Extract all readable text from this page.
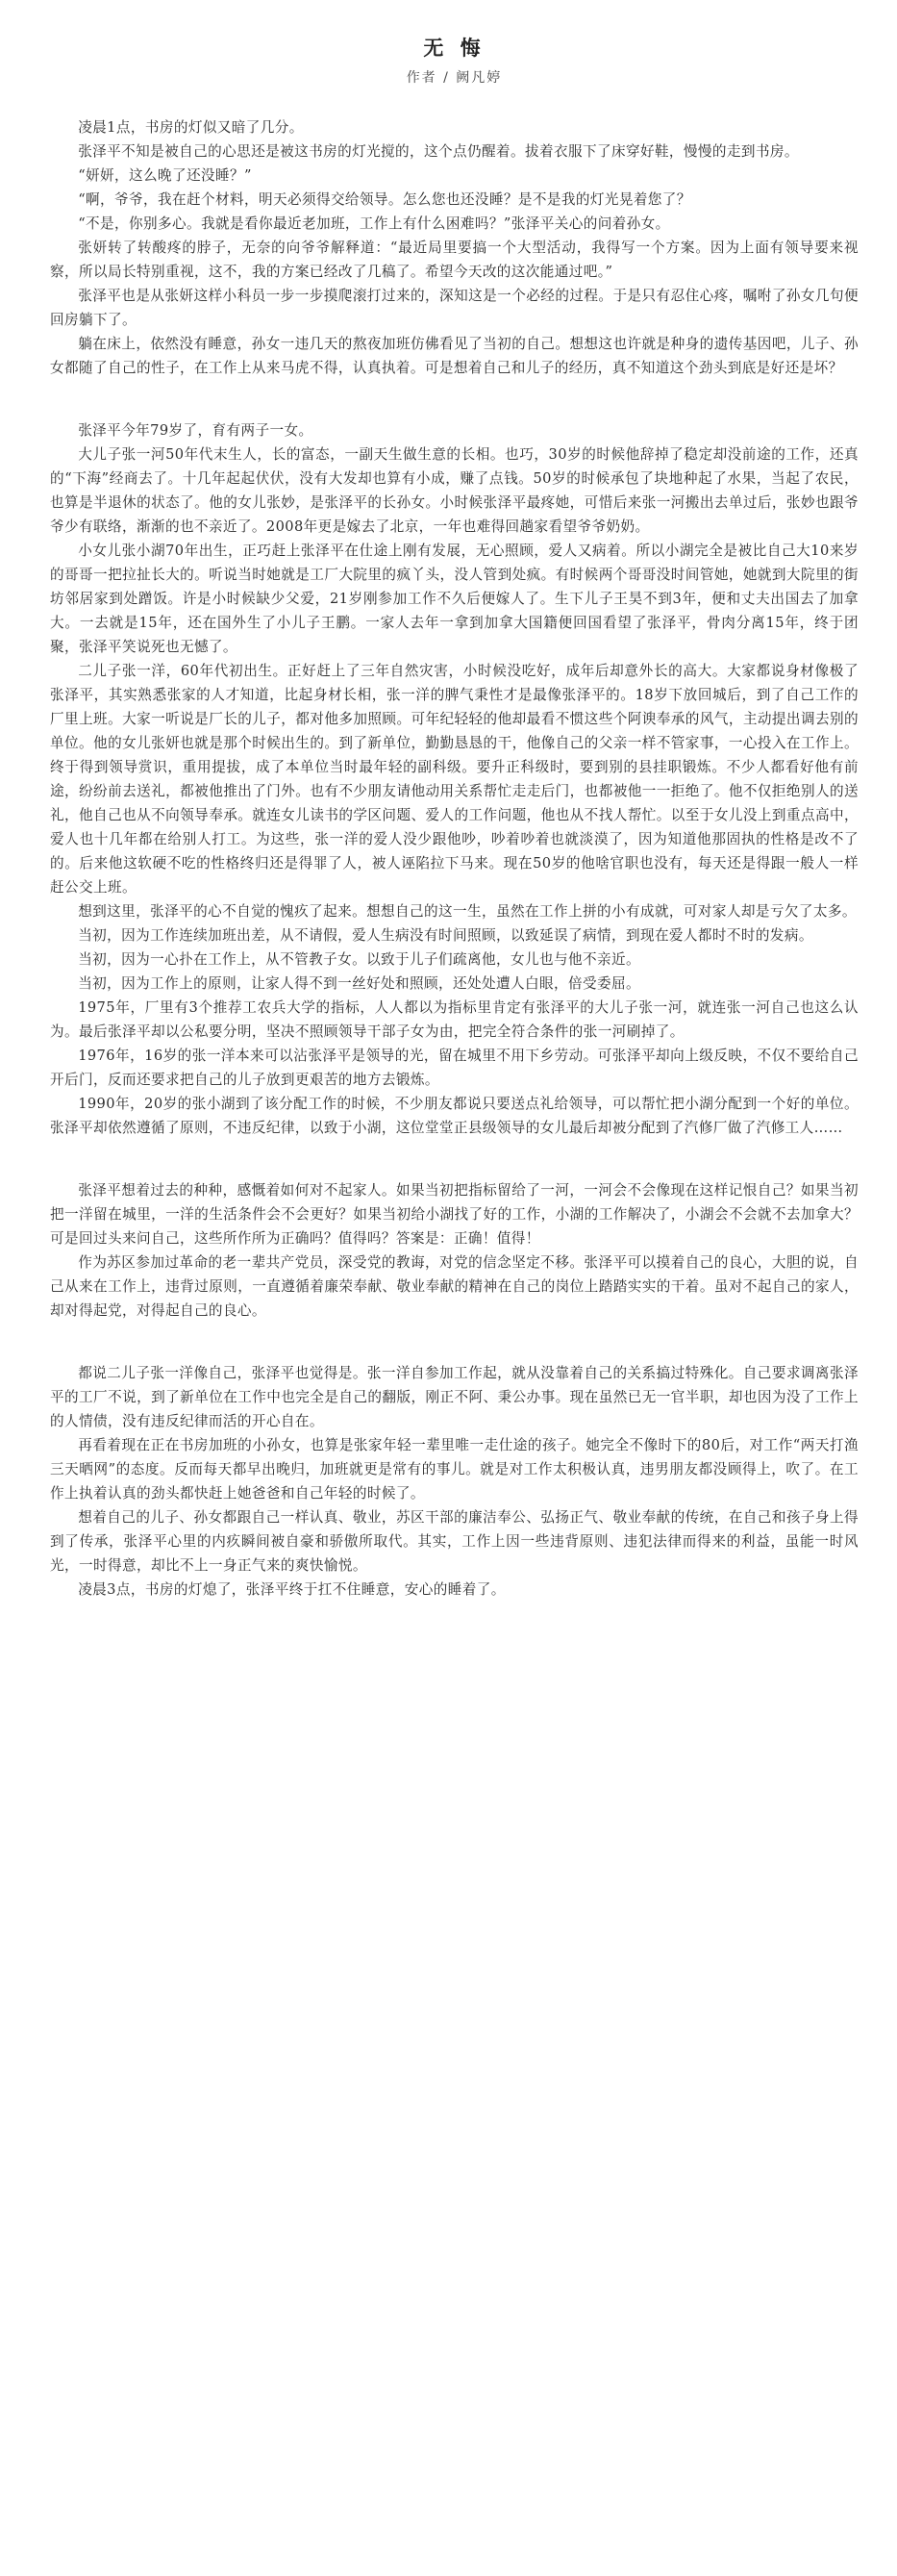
无 悔
作者 / 阙凡婷

凌晨1点，书房的灯似又暗了几分。

张泽平不知是被自己的心思还是被这书房的灯光搅的，这个点仍醒着。拔着衣服下了床穿好鞋，慢慢的走到书房。

“妍妍，这么晚了还没睡？”

“啊，爷爷，我在赶个材料，明天必须得交给领导。怎么您也还没睡？是不是我的灯光晃着您了？

“不是，你别多心。我就是看你最近老加班，工作上有什么困难吗？”张泽平关心的问着孙女。

张妍转了转酸疼的脖子，无奈的向爷爷解释道：“最近局里要搞一个大型活动，我得写一个方案。因为上面有领导要来视察，所以局长特别重视，这不，我的方案已经改了几稿了。希望今天改的这次能通过吧。”

张泽平也是从张妍这样小科员一步一步摸爬滚打过来的，深知这是一个必经的过程。于是只有忍住心疼，嘱咐了孙女几句便回房躺下了。

躺在床上，依然没有睡意，孙女一违几天的熬夜加班仿佛看见了当初的自己。想想这也许就是种身的遗传基因吧，儿子、孙女都随了自己的性子，在工作上从来马虎不得，认真执着。可是想着自己和儿子的经历，真不知道这个劲头到底是好还是坏？

张泽平今年79岁了，育有两子一女。

大儿子张一河50年代末生人，长的富态，一副天生做生意的长相。也巧，30岁的时候他辞掉了稳定却没前途的工作，还真的“下海”经商去了。十几年起起伏伏，没有大发却也算有小成，赚了点钱。50岁的时候承包了块地种起了水果，当起了农民，也算是半退休的状态了。他的女儿张妙，是张泽平的长孙女。小时候张泽平最疼她，可惜后来张一河搬出去单过后，张妙也跟爷爷少有联络，渐渐的也不亲近了。2008年更是嫁去了北京，一年也难得回趟家看望爷爷奶奶。

小女儿张小湖70年出生，正巧赶上张泽平在仕途上刚有发展，无心照顾，爱人又病着。所以小湖完全是被比自己大10来岁的哥哥一把拉扯长大的。听说当时她就是工厂大院里的疯丫头，没人管到处疯。有时候两个哥哥没时间管她，她就到大院里的街坊邻居家到处蹭饭。许是小时候缺少父爱，21岁刚参加工作不久后便嫁人了。生下儿子王昊不到3年，便和丈夫出国去了加拿大。一去就是15年，还在国外生了小儿子王鹏。一家人去年一拿到加拿大国籍便回国看望了张泽平，骨肉分离15年，终于团聚，张泽平笑说死也无憾了。

二儿子张一洋，60年代初出生。正好赶上了三年自然灾害，小时候没吃好，成年后却意外长的高大。大家都说身材像极了张泽平，其实熟悉张家的人才知道，比起身材长相，张一洋的脾气秉性才是最像张泽平的。18岁下放回城后，到了自己工作的厂里上班。大家一听说是厂长的儿子，都对他多加照顾。可年纪轻轻的他却最看不惯这些个阿谀奉承的风气，主动提出调去别的单位。他的女儿张妍也就是那个时候出生的。到了新单位，勤勤恳恳的干，他像自己的父亲一样不管家事，一心投入在工作上。终于得到领导赏识，重用提拔，成了本单位当时最年轻的副科级。要升正科级时，要到别的县挂职锻炼。不少人都看好他有前途，纷纷前去送礼，都被他推出了门外。也有不少朋友请他动用关系帮忙走走后门，也都被他一一拒绝了。他不仅拒绝别人的送礼，他自己也从不向领导奉承。就连女儿读书的学区问题、爱人的工作问题，他也从不找人帮忙。以至于女儿没上到重点高中，爱人也十几年都在给别人打工。为这些，张一洋的爱人没少跟他吵，吵着吵着也就淡漠了，因为知道他那固执的性格是改不了的。后来他这软硬不吃的性格终归还是得罪了人，被人诬陷拉下马来。现在50岁的他啥官职也没有，每天还是得跟一般人一样赶公交上班。

想到这里，张泽平的心不自觉的愧疚了起来。想想自己的这一生，虽然在工作上拼的小有成就，可对家人却是亏欠了太多。

当初，因为工作连续加班出差，从不请假，爱人生病没有时间照顾，以致延误了病情，到现在爱人都时不时的发病。

当初，因为一心扑在工作上，从不管教子女。以致于儿子们疏离他，女儿也与他不亲近。

当初，因为工作上的原则，让家人得不到一丝好处和照顾，还处处遭人白眼，倍受委屈。

1975年，厂里有3个推荐工农兵大学的指标，人人都以为指标里肯定有张泽平的大儿子张一河，就连张一河自己也这么认为。最后张泽平却以公私要分明，坚决不照顾领导干部子女为由，把完全符合条件的张一河刷掉了。

1976年，16岁的张一洋本来可以沾张泽平是领导的光，留在城里不用下乡劳动。可张泽平却向上级反映，不仅不要给自己开后门，反而还要求把自己的儿子放到更艰苦的地方去锻炼。

1990年，20岁的张小湖到了该分配工作的时候，不少朋友都说只要送点礼给领导，可以帮忙把小湖分配到一个好的单位。张泽平却依然遵循了原则，不违反纪律，以致于小湖，这位堂堂正县级领导的女儿最后却被分配到了汽修厂做了汽修工人……

张泽平想着过去的种种，感慨着如何对不起家人。如果当初把指标留给了一河，一河会不会像现在这样记恨自己？如果当初把一洋留在城里，一洋的生活条件会不会更好？如果当初给小湖找了好的工作，小湖的工作解决了，小湖会不会就不去加拿大？可是回过头来问自己，这些所作所为正确吗？值得吗？答案是：正确！值得！

作为苏区参加过革命的老一辈共产党员，深受党的教诲，对党的信念坚定不移。张泽平可以摸着自己的良心，大胆的说，自己从来在工作上，违背过原则，一直遵循着廉荣奉献、敬业奉献的精神在自己的岗位上踏踏实实的干着。虽对不起自己的家人，却对得起党，对得起自己的良心。

都说二儿子张一洋像自己，张泽平也觉得是。张一洋自参加工作起，就从没靠着自己的关系搞过特殊化。自己要求调离张泽平的工厂不说，到了新单位在工作中也完全是自己的翻版，刚正不阿、秉公办事。现在虽然已无一官半职，却也因为没了工作上的人情债，没有违反纪律而活的开心自在。

再看着现在正在书房加班的小孙女，也算是张家年轻一辈里唯一走仕途的孩子。她完全不像时下的80后，对工作“两天打渔三天晒网”的态度。反而每天都早出晚归，加班就更是常有的事儿。就是对工作太积极认真，违男朋友都没顾得上，吹了。在工作上执着认真的劲头都快赶上她爸爸和自己年轻的时候了。

想着自己的儿子、孙女都跟自己一样认真、敬业，苏区干部的廉洁奉公、弘扬正气、敬业奉献的传统，在自己和孩子身上得到了传承，张泽平心里的内疚瞬间被自豪和骄傲所取代。其实，工作上因一些违背原则、违犯法律而得来的利益，虽能一时风光，一时得意，却比不上一身正气来的爽快愉悦。

凌晨3点，书房的灯熄了，张泽平终于扛不住睡意，安心的睡着了。
